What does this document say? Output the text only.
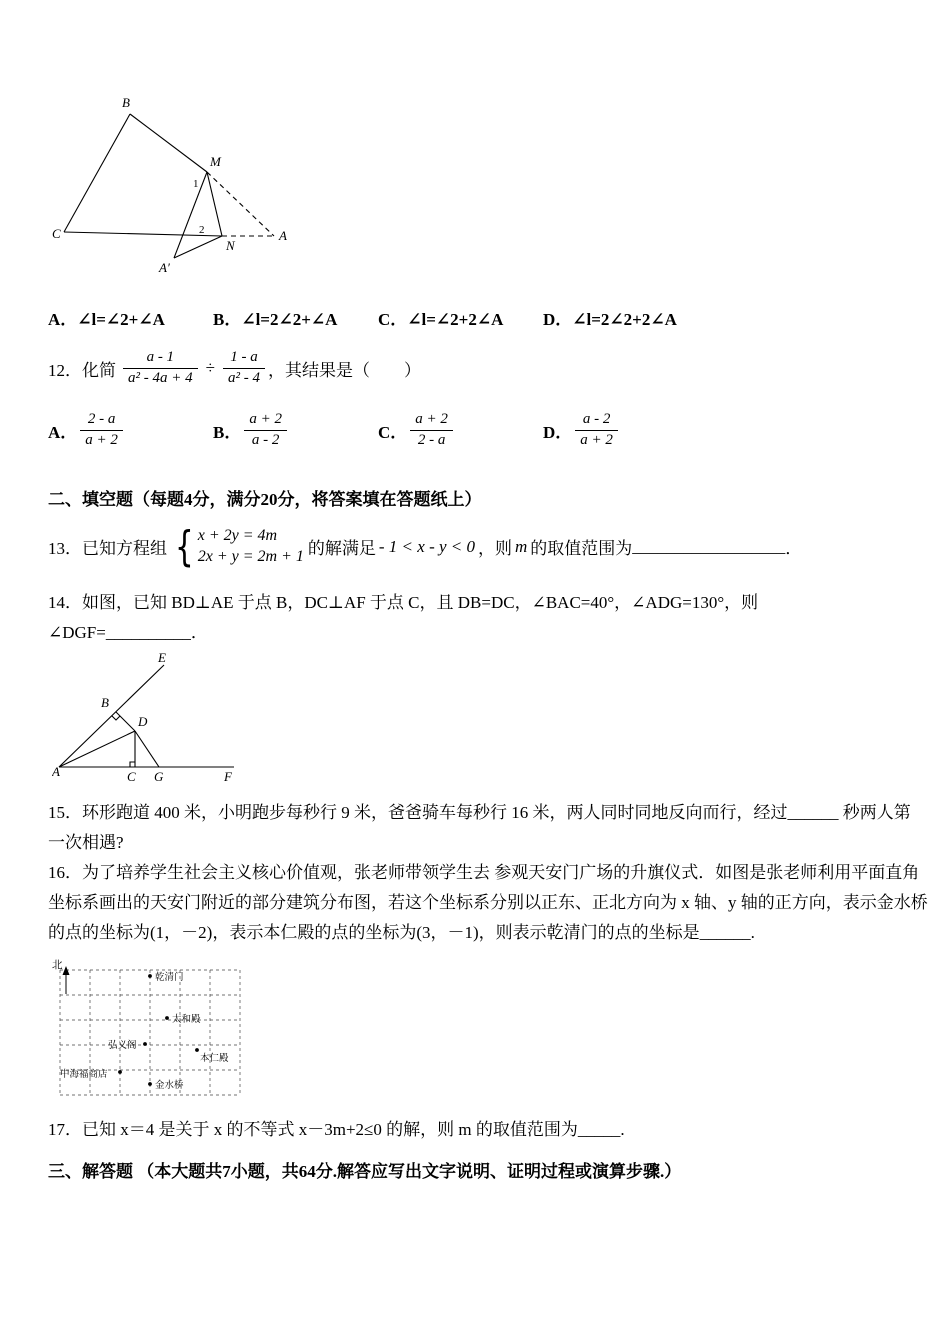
B
C
M
N
A′
A
1
2
A． ∠l=∠2+∠A	B． ∠l=2∠2+∠A C． ∠l=∠2+2∠A D． ∠l=2∠2+2∠A
12． 化简 $\frac{a - 1}{\text{a² - 4a + 4}} \div \frac{1 - a}{\text{a² - 4}}$ ，其结果是（　　）
A． $\frac{2 - a}{a + 2}$	B． $\frac{a + 2}{a - 2}$	C． $\frac{a + 2}{2 - a}$	D． $\frac{a - 2}{a + 2}$
二、填空题（每题4分，满分20分，将答案填在答题纸上）
13． 已知方程组 { x + 2y = 4m
2x + y = 2m + 1 的解满足 - 1 < x - y < 0 ，则 m 的取值范围为 __________________ ．
14．如图，已知 BD⊥AE 于点 B，DC⊥AF 于点 C，且 DB=DC，∠BAC=40°，∠ADG=130°，则
∠DGF=__________．
E
B
D
A	C G	F
15．环形跑道 400 米，小明跑步每秒行 9 米，爸爸骑车每秒行 16 米，两人同时同地反向而行，经过______ 秒两人第
一次相遇?
16．为了培养学生社会主义核心价值观，张老师带领学生去 参观天安门广场的升旗仪式．如图是张老师利用平面直角
坐标系画出的天安门附近的部分建筑分布图，若这个坐标系分别以正东、正北方向为 x 轴、y 轴的正方向，表示金水桥
的点的坐标为(1，－2)，表示本仁殿的点的坐标为(3，－1)，则表示乾清门的点的坐标是______.
北
乾清门
太和殿
弘义阁
本仁殿
中海福商店
金水桥
17．已知 x＝4 是关于 x 的不等式 x－3m+2≤0 的解，则 m 的取值范围为_____.
三、解答题 （本大题共7小题，共64分.解答应写出文字说明、证明过程或演算步骤.）
